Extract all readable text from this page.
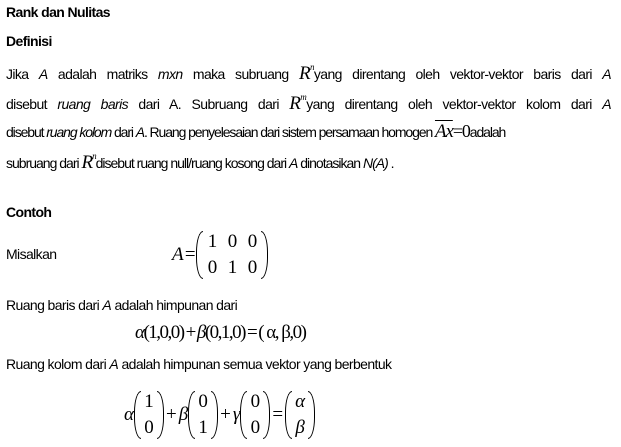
Rank dan Nulitas
Definisi
Jika A adalah matriks mxn maka subruang $R^nyang$ direntang oleh vektor-vektor baris dari A
disebut ruang baris dari A. Subruang dari $R^myang$ direntang oleh vektor-vektor kolom dari A
disebut ruang kolom dari A. Ruang penyelesaian dari sistem persamaan homogen $\overline{Ax}=0adalah$
subruang dari $R^ndisebut$ ruang null/ruang kosong dari A dinotasikan N(A) .
Contoh
Misalkan	A=
1 0 0
0 1 0
Ruang baris dari A adalah himpunan dari
α (1,0,0) + β (0,1,0) = ( α, β,0)
Ruang kolom dari A adalah himpunan semua vektor yang berbentuk
α
1
0
+ β
0
1
+ γ
0
0
=
α
β
